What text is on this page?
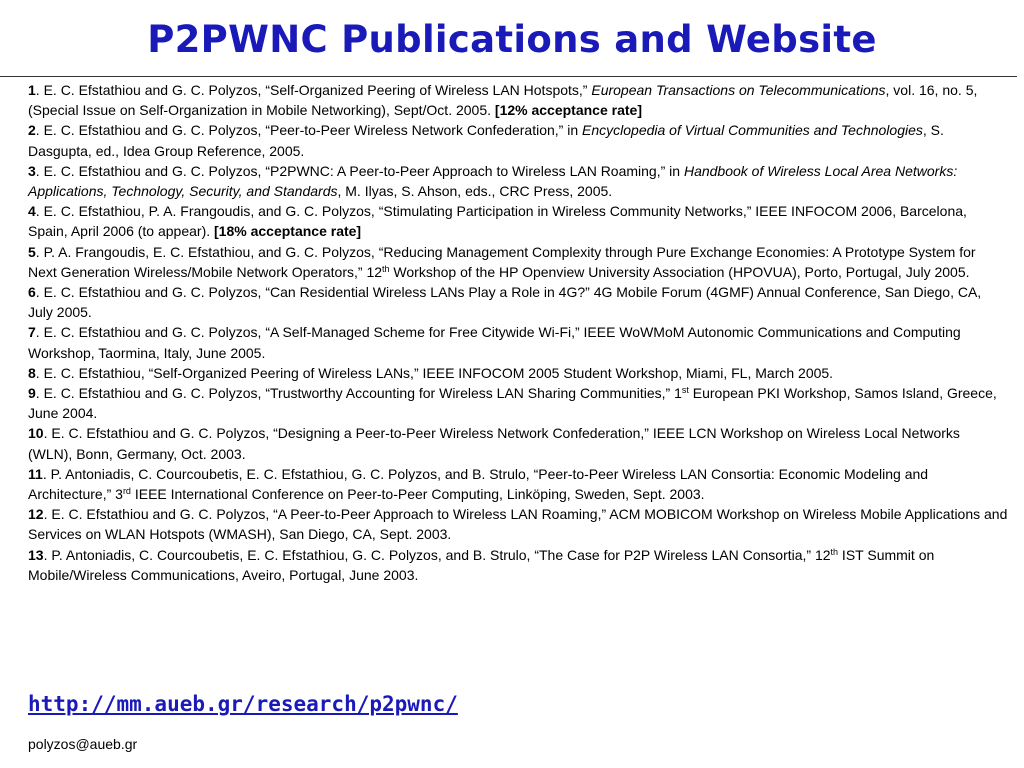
P2PWNC Publications and Website

1. E. C. Efstathiou and G. C. Polyzos, “Self-Organized Peering of Wireless LAN Hotspots,” European Transactions on Telecommunications, vol. 16, no. 5, (Special Issue on Self-Organization in Mobile Networking), Sept/Oct. 2005. [12% acceptance rate]

2. E. C. Efstathiou and G. C. Polyzos, “Peer-to-Peer Wireless Network Confederation,” in Encyclopedia of Virtual Communities and Technologies, S. Dasgupta, ed., Idea Group Reference, 2005.

3. E. C. Efstathiou and G. C. Polyzos, “P2PWNC: A Peer-to-Peer Approach to Wireless LAN Roaming,” in Handbook of Wireless Local Area Networks: Applications, Technology, Security, and Standards, M. Ilyas, S. Ahson, eds., CRC Press, 2005.

4. E. C. Efstathiou, P. A. Frangoudis, and G. C. Polyzos, “Stimulating Participation in Wireless Community Networks,” IEEE INFOCOM 2006, Barcelona, Spain, April 2006 (to appear). [18% acceptance rate]

5. P. A. Frangoudis, E. C. Efstathiou, and G. C. Polyzos, “Reducing Management Complexity through Pure Exchange Economies: A Prototype System for Next Generation Wireless/Mobile Network Operators,” 12th Workshop of the HP Openview University Association (HPOVUA), Porto, Portugal, July 2005.

6. E. C. Efstathiou and G. C. Polyzos, “Can Residential Wireless LANs Play a Role in 4G?” 4G Mobile Forum (4GMF) Annual Conference, San Diego, CA, July 2005.

7. E. C. Efstathiou and G. C. Polyzos, “A Self-Managed Scheme for Free Citywide Wi-Fi,” IEEE WoWMoM Autonomic Communications and Computing Workshop, Taormina, Italy, June 2005.

8. E. C. Efstathiou, “Self-Organized Peering of Wireless LANs,” IEEE INFOCOM 2005 Student Workshop, Miami, FL, March 2005.

9. E. C. Efstathiou and G. C. Polyzos, “Trustworthy Accounting for Wireless LAN Sharing Communities,” 1st European PKI Workshop, Samos Island, Greece, June 2004.

10. E. C. Efstathiou and G. C. Polyzos, “Designing a Peer-to-Peer Wireless Network Confederation,” IEEE LCN Workshop on Wireless Local Networks (WLN), Bonn, Germany, Oct. 2003.

11. P. Antoniadis, C. Courcoubetis, E. C. Efstathiou, G. C. Polyzos, and B. Strulo, “Peer-to-Peer Wireless LAN Consortia: Economic Modeling and Architecture,” 3rd IEEE International Conference on Peer-to-Peer Computing, Linköping, Sweden, Sept. 2003.

12. E. C. Efstathiou and G. C. Polyzos, “A Peer-to-Peer Approach to Wireless LAN Roaming,” ACM MOBICOM Workshop on Wireless Mobile Applications and Services on WLAN Hotspots (WMASH), San Diego, CA, Sept. 2003.

13. P. Antoniadis, C. Courcoubetis, E. C. Efstathiou, G. C. Polyzos, and B. Strulo, “The Case for P2P Wireless LAN Consortia,” 12th IST Summit on Mobile/Wireless Communications, Aveiro, Portugal, June 2003.

http://mm.aueb.gr/research/p2pwnc/
polyzos@aueb.gr
